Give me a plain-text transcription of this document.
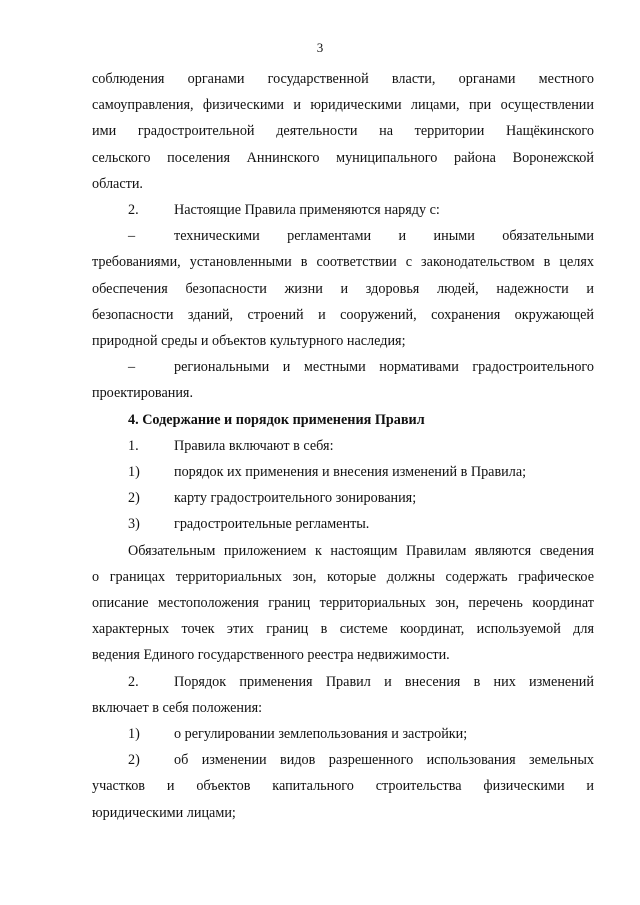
3

соблюдения органами государственной власти, органами местного

самоуправления, физическими и юридическими лицами, при осуществлении

ими градостроительной деятельности на территории Нащёкинского

сельского поселения Аннинского муниципального района Воронежской

области.

2.	Настоящие Правила применяются наряду с:
–	техническими регламентами и иными обязательными

требованиями, установленными в соответствии с законодательством в целях

обеспечения безопасности жизни и здоровья людей, надежности и

безопасности зданий, строений и сооружений, сохранения окружающей

природной среды и объектов культурного наследия;

–	региональными и местными нормативами градостроительного

проектирования.

4. Содержание и порядок применения Правил

1.	Правила включают в себя:
1)	порядок их применения и внесения изменений в Правила;
2)	карту градостроительного зонирования;
3)	градостроительные регламенты.

Обязательным приложением к настоящим Правилам являются сведения

о границах территориальных зон, которые должны содержать графическое

описание местоположения границ территориальных зон, перечень координат

характерных точек этих границ в системе координат, используемой для

ведения Единого государственного реестра недвижимости.

2.	Порядок применения Правил и внесения в них изменений

включает в себя положения:

1)	о регулировании землепользования и застройки;
2)	об изменении видов разрешенного использования земельных

участков и объектов капитального строительства физическими и

юридическими лицами;
